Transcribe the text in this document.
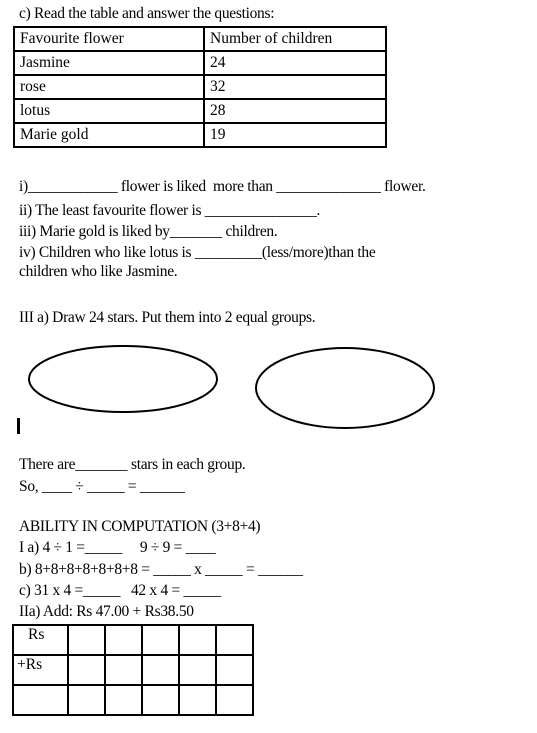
c) Read the table and answer the questions:
Favourite flower	Number of children
Jasmine	24
rose	32
lotus	28
Marie gold	19
i)____________ flower is liked  more than ______________ flower.
ii) The least favourite flower is _______________.
iii) Marie gold is liked by_______ children.
iv) Children who like lotus is _________(less/more)than the
children who like Jasmine.
III a) Draw 24 stars. Put them into 2 equal groups.
There are_______ stars in each group.
So, ____ ÷ _____ = ______
ABILITY IN COMPUTATION (3+8+4)
I a) 4 ÷ 1 =_____     9 ÷ 9 = ____
b) 8+8+8+8+8+8+8 = _____ x _____ = ______
c) 31 x 4 =_____   42 x 4 = _____
IIa) Add: Rs 47.00 + Rs38.50
Rs					
+Rs					
